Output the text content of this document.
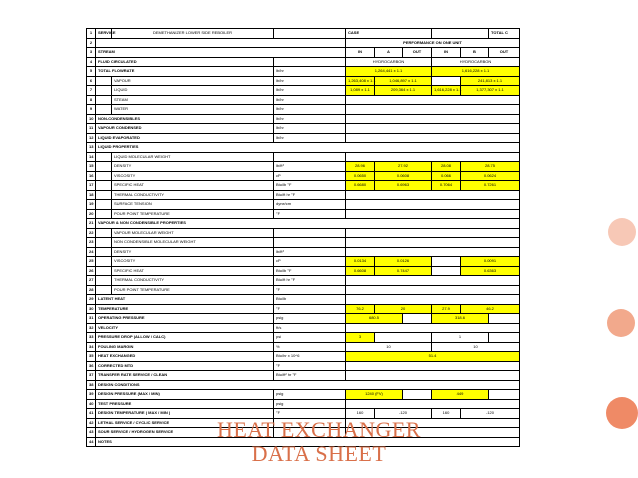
1	SERVICE	DEMETHANIZER LOWER SIDE REBOILER		CASE					TOTAL C
2				PERFORMANCE ON ONE UNIT					
3	STREAM			IN	A	OUT	IN	B	OUT
4	FLUID CIRCULATED			HYDROCARBON			HYDROCARBON		
5	TOTAL FLOWRATE		lb/hr	1,264,441 x 1.1			1,616,228 x 1.1		
6		VAPOUR	lb/hr	1,263,408 x 1.1	1,046,897 x 1.1			241,813 x 1.1	
7		LIQUID	lb/hr	1,089 x 1.1	209,364 x 1.1		1,616,228 x 1.1	1,377,307 x 1.1	
8		STEAM	lb/hr						
9		WATER	lb/hr						
10	NON-CONDENSIBLES		lb/hr						
11	VAPOUR CONDENSED		lb/hr						
12	LIQUID EVAPORATED		lb/hr						
13	LIQUID PROPERTIES								
14		LIQUID MOLECULAR WEIGHT							
15		DENSITY	lb/ft³	28.96	27.92		28.08	28.75	
16		VISCOSITY	cP	0.0650	0.0608		0.066	0.0624	
17		SPECIFIC HEAT	Btu/lb °F	0.6680	0.6963		0.7064	0.7261	
18		THERMAL CONDUCTIVITY	Btu/ft hr °F						
19		SURFACE TENSION	dyne/cm						
20		POUR POINT TEMPERATURE	°F						
21	VAPOUR & NON CONDENSIBLE PROPERTIES								
22		VAPOUR MOLECULAR WEIGHT							
23		NON CONDENSIBLE MOLECULAR WEIGHT							
24		DENSITY	lb/ft³						
25		VISCOSITY	cP	0.0134	0.0126			0.0091	
26		SPECIFIC HEAT	Btu/lb °F	0.6608	0.7447			0.6363	
27		THERMAL CONDUCTIVITY	Btu/ft hr °F						
28		POUR POINT TEMPERATURE	°F						
29	LATENT HEAT		Btu/lb						
30	TEMPERATURE		°F	76.2	20		27.9	46.2	
31	OPERATING PRESSURE		psig	680.5			318.6		
32	VELOCITY		ft/s						
33	PRESSURE DROP (ALLOW / CALC)		psi	3			1		
34	FOULING MARGIN		%	10			10		
35	HEAT EXCHANGED		Btu/hr x 10^6	51.4					
36	CORRECTED MTD		°F						
37	TRANSFER RATE SERVICE / CLEAN		Btu/ft² hr °F						
38	DESIGN CONDITIONS								
39	DESIGN PRESSURE (MAX / MIN)		psig	1240 (FV)			449		
40	TEST PRESSURE		psig						
41	DESIGN TEMPERATURE ( MAX / MIN )		°F	160	-120		160	-120	
42	LETHAL SERVICE / CYCLIC SERVICE								
43	SOUR SERVICE / HYDROGEN SERVICE								
44	NOTES									HEAT EXCHANGER
DATA SHEET
